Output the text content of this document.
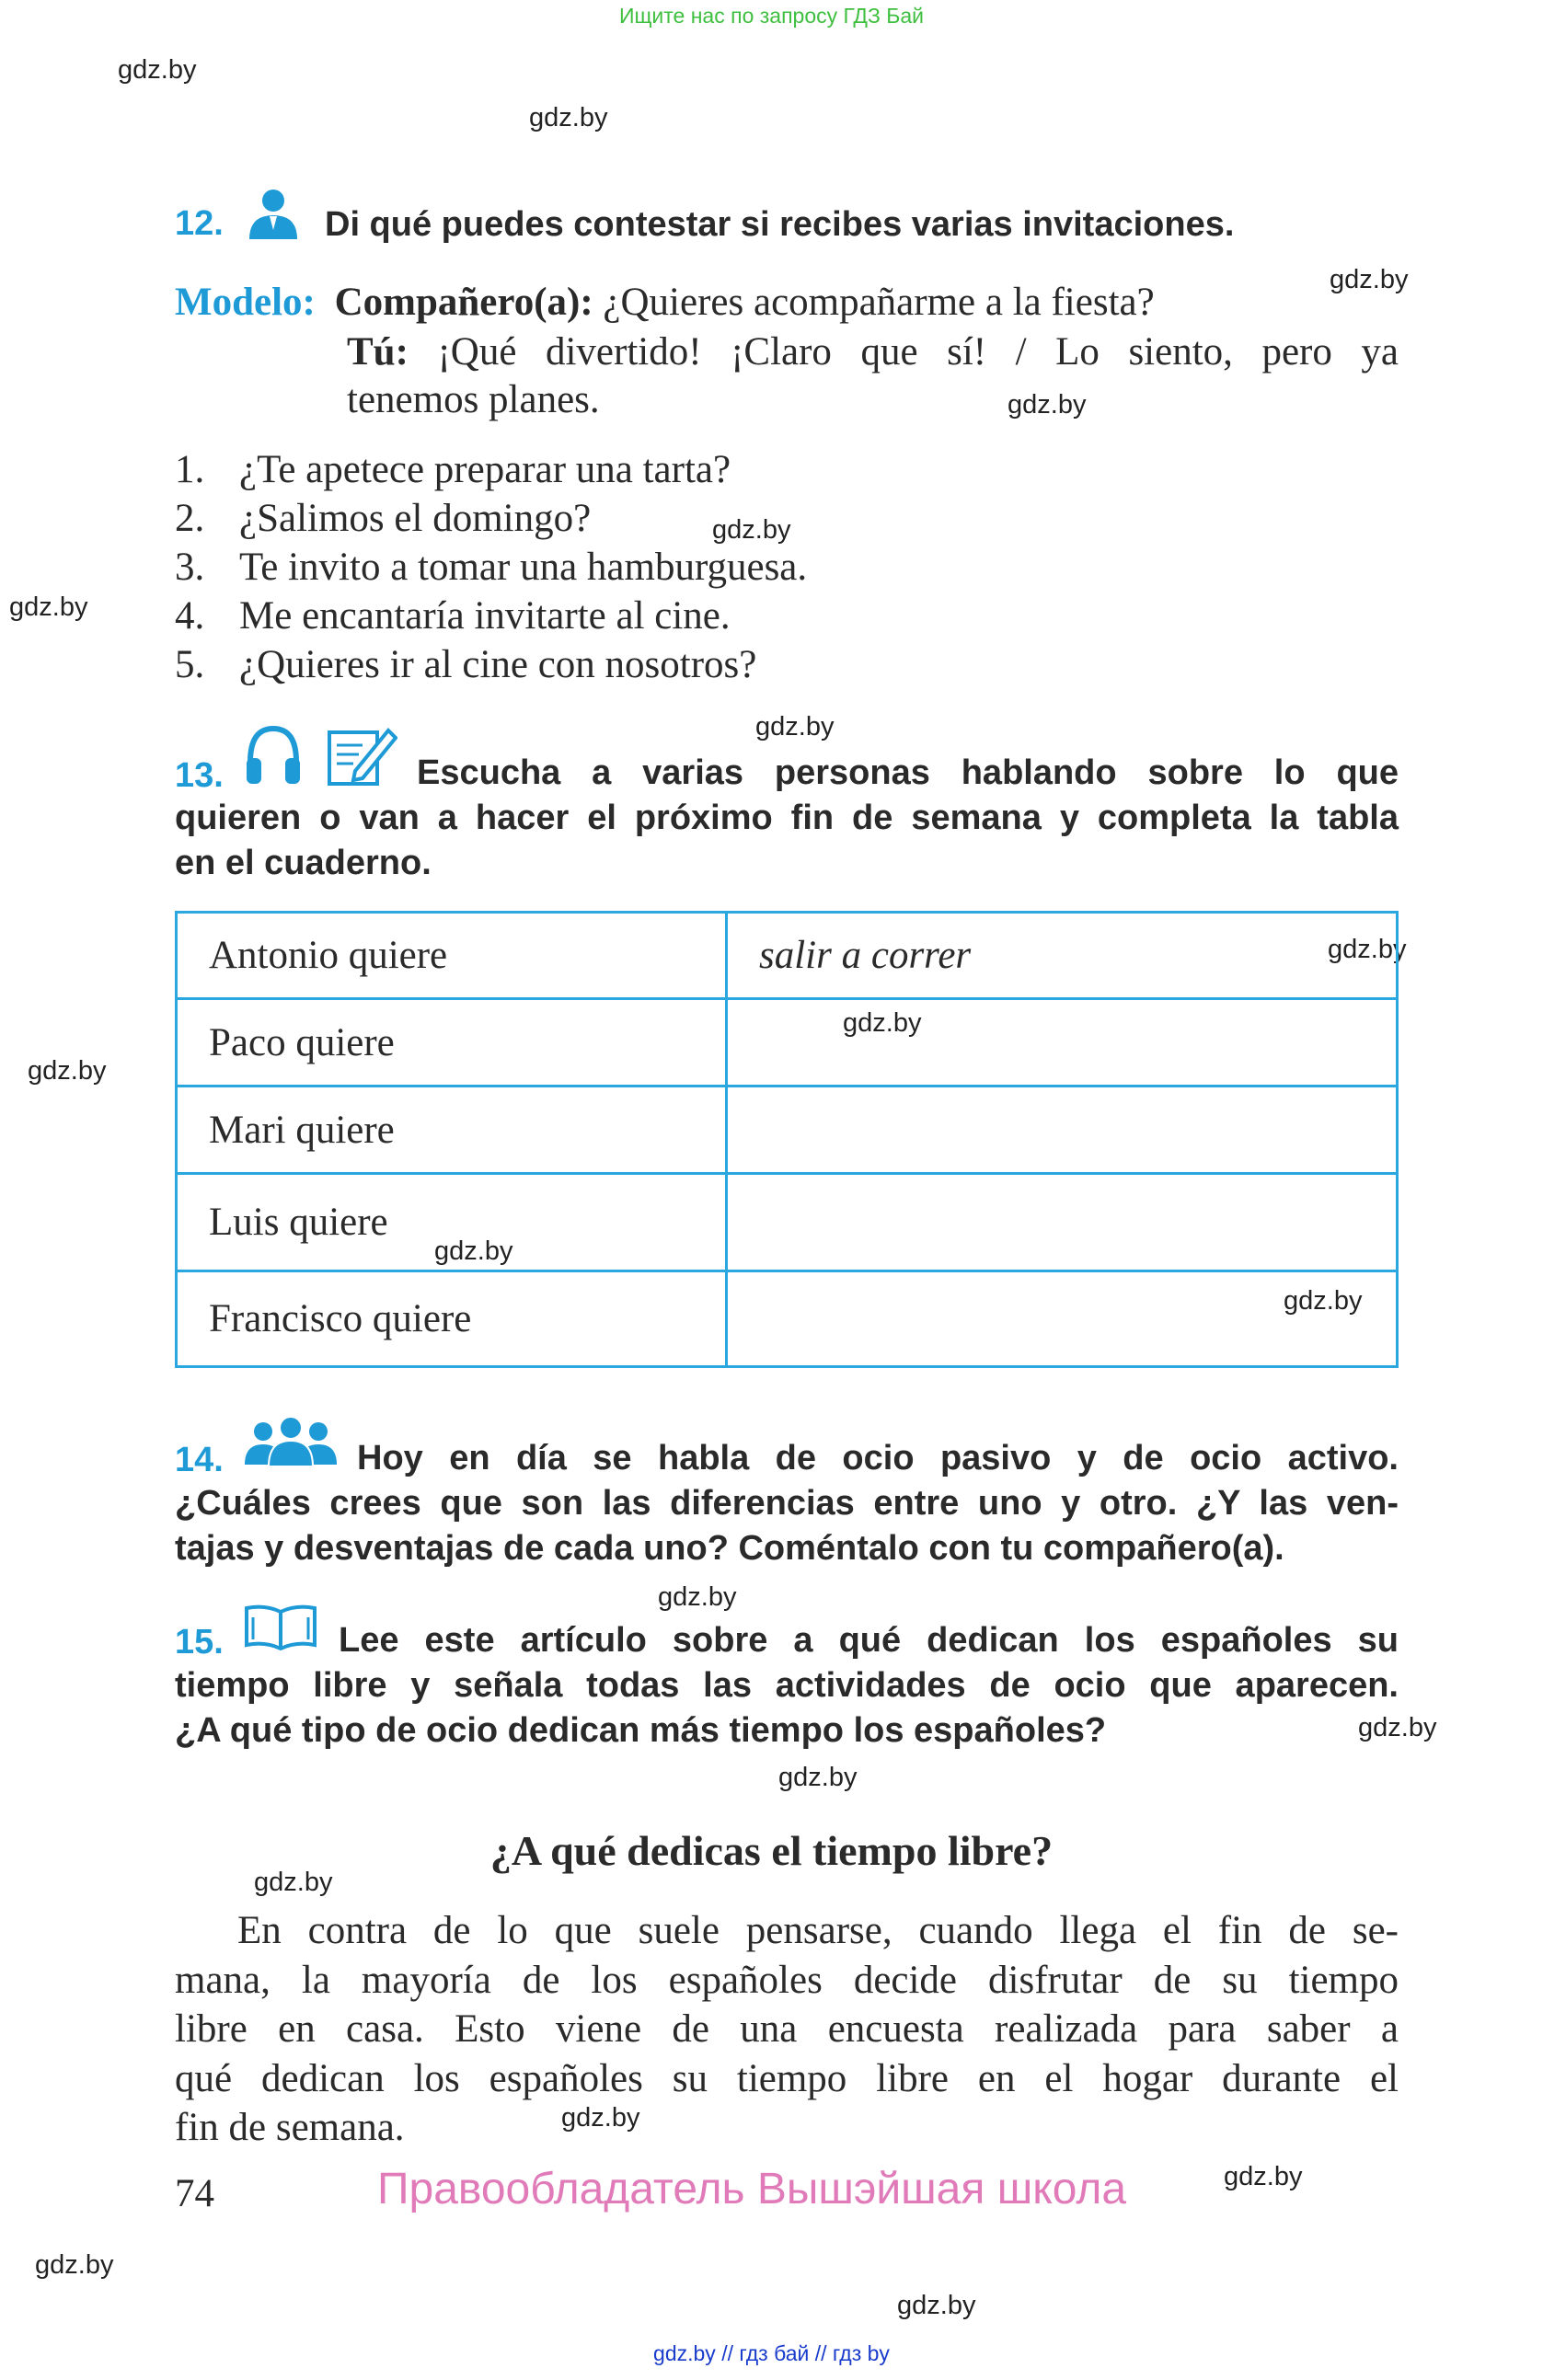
Ищите нас по запросу ГДЗ Бай
gdz.by // гдз бай // гдз by
gdz.by
gdz.by
gdz.by
gdz.by
gdz.by
gdz.by
gdz.by
gdz.by
gdz.by
gdz.by
gdz.by
gdz.by
gdz.by
gdz.by
gdz.by
gdz.by
gdz.by
gdz.by
gdz.by
gdz.by
12.	Di qué puedes contestar si recibes varias invitaciones.
Modelo: Compañero(a): ¿Quieres acompañarme a la fiesta?
Tú: ¡Qué divertido! ¡Claro que sí! / Lo siento, pero ya
tenemos planes.
1. ¿Te apetece preparar una tarta?
2. ¿Salimos el domingo?
3. Te invito a tomar una hamburguesa.
4. Me encantaría invitarte al cine.
5. ¿Quieres ir al cine con nosotros?
13.	Escucha a varias personas hablando sobre lo que
quieren o van a hacer el próximo fin de semana y completa la tabla
en el cuaderno.
Antonio quiere	salir a correr
Paco quiere
Mari quiere
Luis quiere
Francisco quiere
14.	Hoy en día se habla de ocio pasivo y de ocio activo.
¿Cuáles crees que son las diferencias entre uno y otro. ¿Y las ven-
tajas y desventajas de cada uno? Coméntalo con tu compañero(a).
15.	Lee este artículo sobre a qué dedican los españoles su
tiempo libre y señala todas las actividades de ocio que aparecen.
¿A qué tipo de ocio dedican más tiempo los españoles?
¿A qué dedicas el tiempo libre?
En contra de lo que suele pensarse, cuando llega el fin de se-
mana, la mayoría de los españoles decide disfrutar de su tiempo
libre en casa. Esto viene de una encuesta realizada para saber a
qué dedican los españoles su tiempo libre en el hogar durante el
fin de semana.
74	Правообладатель Вышэйшая школа
